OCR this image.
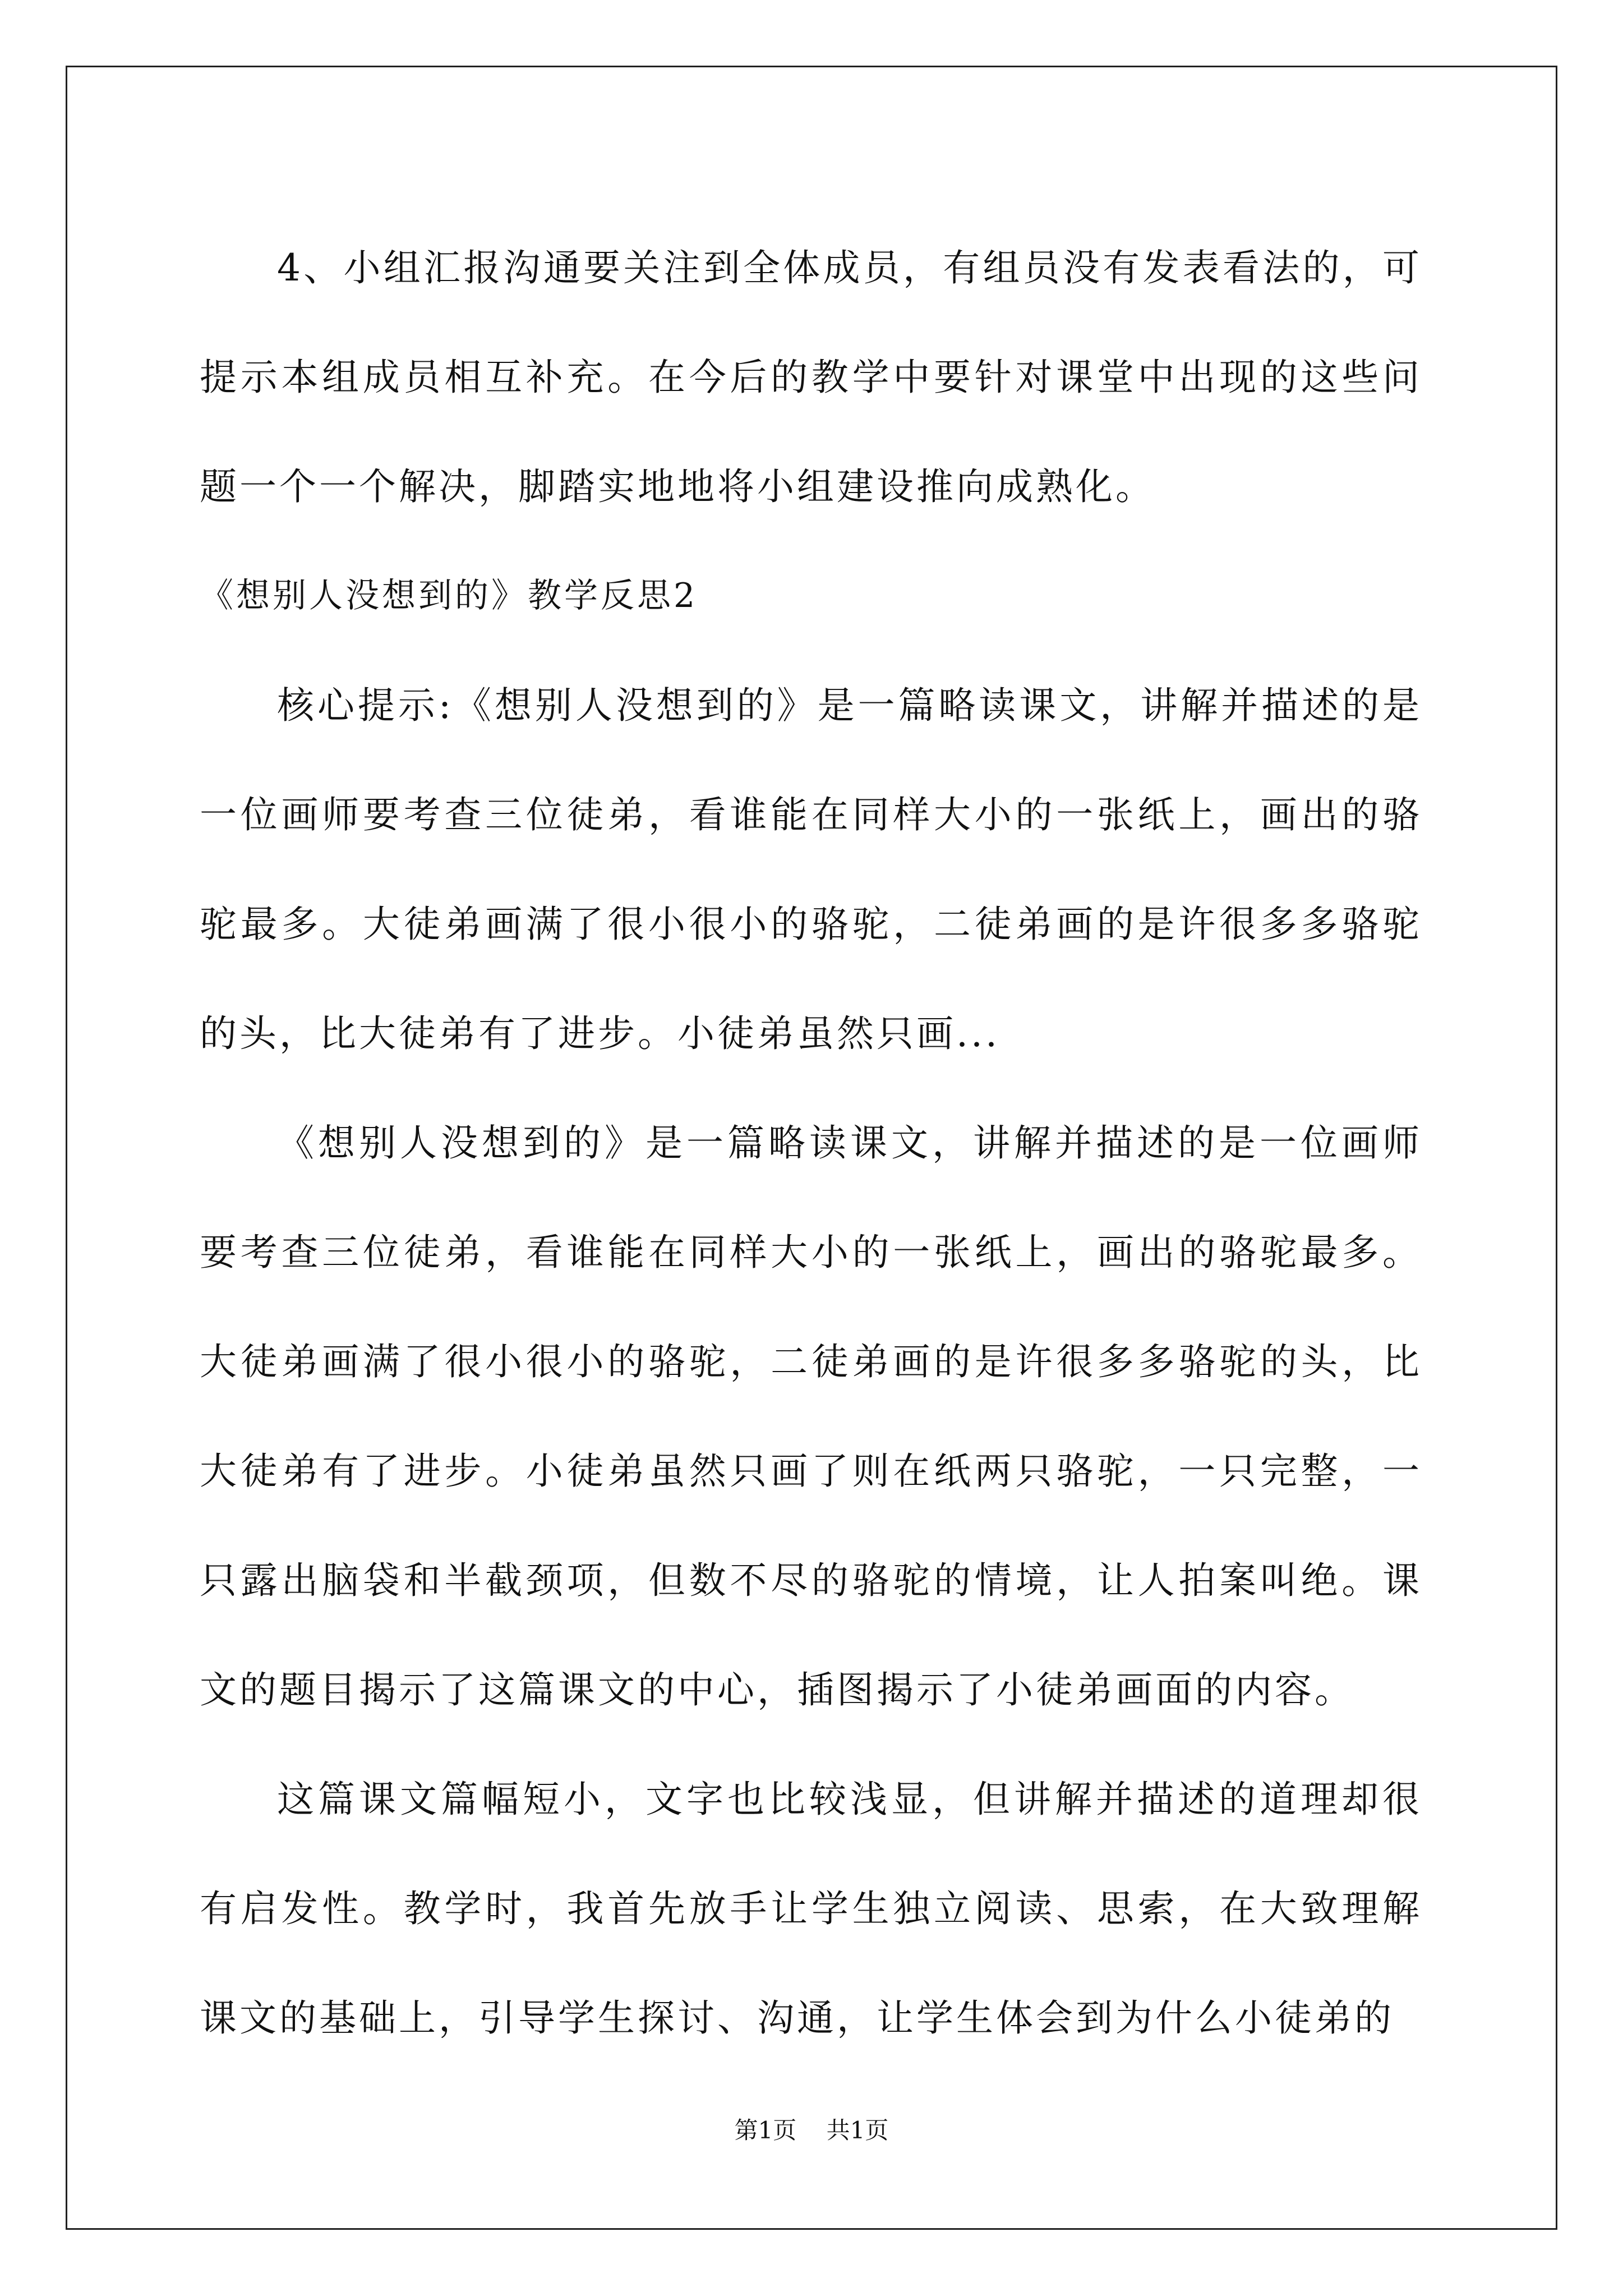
4、小组汇报沟通要关注到全体成员，有组员没有发表看法的，可提示本组成员相互补充。在今后的教学中要针对课堂中出现的这些问题一个一个解决，脚踏实地地将小组建设推向成熟化。

《想别人没想到的》教学反思2

核心提示:《想别人没想到的》是一篇略读课文，讲解并描述的是一位画师要考查三位徒弟，看谁能在同样大小的一张纸上，画出的骆驼最多。大徒弟画满了很小很小的骆驼，二徒弟画的是许很多多骆驼的头，比大徒弟有了进步。小徒弟虽然只画...

《想别人没想到的》是一篇略读课文，讲解并描述的是一位画师要考查三位徒弟，看谁能在同样大小的一张纸上，画出的骆驼最多。大徒弟画满了很小很小的骆驼，二徒弟画的是许很多多骆驼的头，比大徒弟有了进步。小徒弟虽然只画了则在纸两只骆驼，一只完整，一只露出脑袋和半截颈项，但数不尽的骆驼的情境，让人拍案叫绝。课文的题目揭示了这篇课文的中心，插图揭示了小徒弟画面的内容。

这篇课文篇幅短小，文字也比较浅显，但讲解并描述的道理却很有启发性。教学时，我首先放手让学生独立阅读、思索，在大致理解课文的基础上，引导学生探讨、沟通，让学生体会到为什么小徒弟的

第1页 共1页
